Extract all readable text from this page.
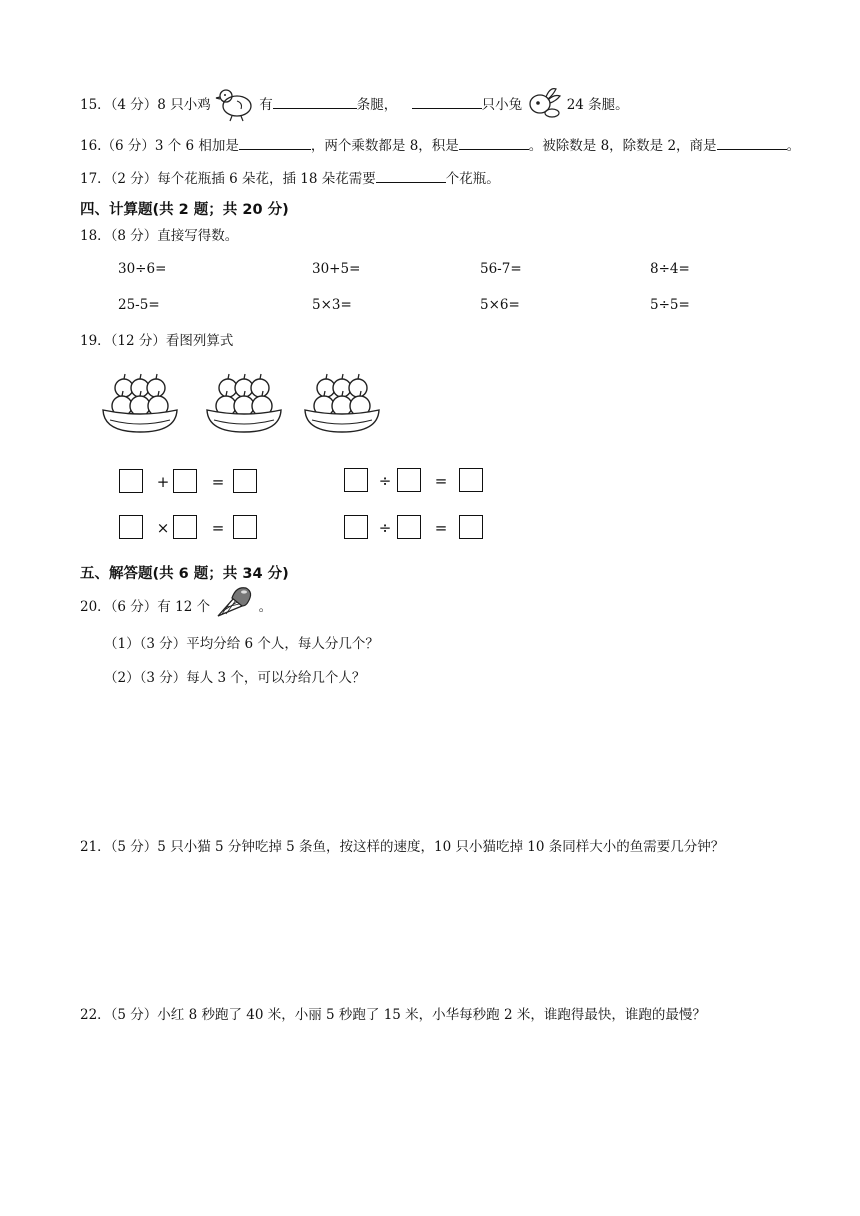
15．（4 分）8 只小鸡	有	条腿，	只小兔	24 条腿。
16.（6 分）3 个 6 相加是	，两个乘数都是 8，积是	。被除数是 8，除数是 2，商是	。
17．（2 分）每个花瓶插 6 朵花，插 18 朵花需要	个花瓶。
四、计算题(共 2 题；共 20 分)
18．（8 分）直接写得数。
30÷6=	30+5=	56-7=	8÷4=
25-5=	5×3=	5×6=	5÷5=
19．（12 分）看图列算式
+	=	÷	=
×	=	÷	=
五、解答题(共 6 题；共 34 分)
20．（6 分）有 12 个	。
（1）（3 分）平均分给 6 个人，每人分几个？
（2）（3 分）每人 3 个，可以分给几个人？
21．（5 分）5 只小猫 5 分钟吃掉 5 条鱼，按这样的速度，10 只小猫吃掉 10 条同样大小的鱼需要几分钟？
22．（5 分）小红 8 秒跑了 40 米，小丽 5 秒跑了 15 米，小华每秒跑 2 米，谁跑得最快，谁跑的最慢？
